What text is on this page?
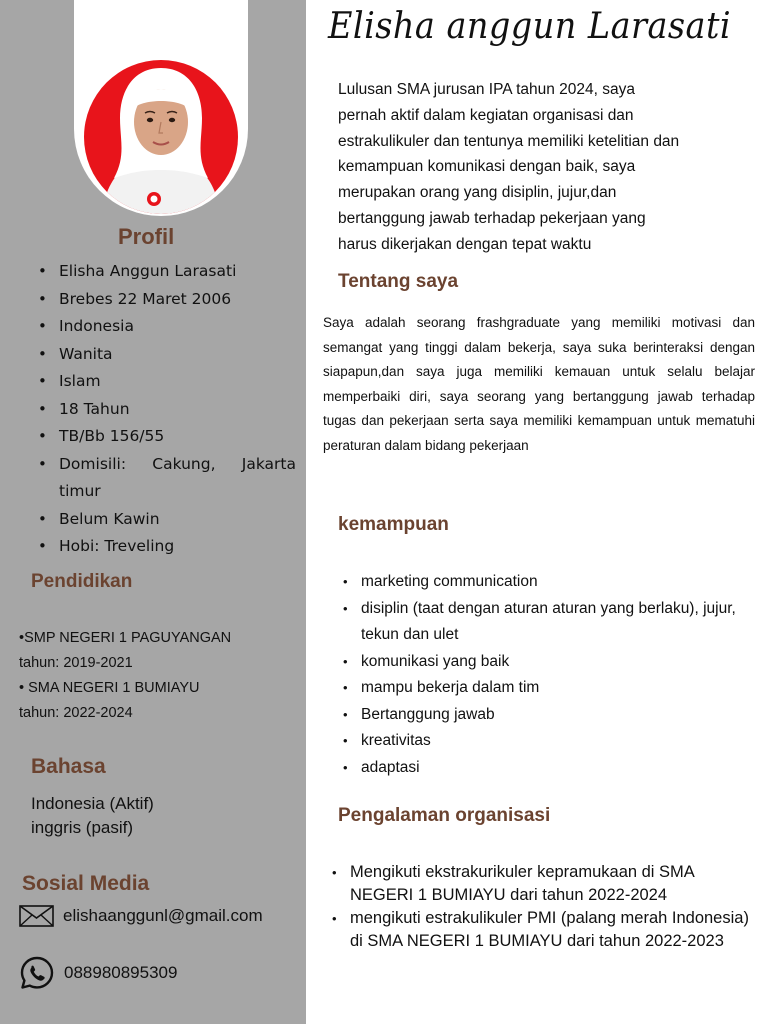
Profil
• Elisha Anggun Larasati
• Brebes 22 Maret 2006
• Indonesia
• Wanita
• Islam
• 18 Tahun
• TB/Bb 156/55
• Domisili: Cakung, Jakarta timur
• Belum Kawin
• Hobi: Treveling
Pendidikan
•SMP NEGERI 1 PAGUYANGAN
tahun: 2019-2021
• SMA NEGERI 1 BUMIAYU
tahun: 2022-2024
Bahasa
Indonesia (Aktif)
inggris (pasif)
Sosial Media
elishaanggunl@gmail.com
088980895309
Elisha anggun Larasati
Lulusan SMA jurusan IPA tahun 2024, saya
pernah aktif dalam kegiatan organisasi dan
estrakulikuler dan tentunya memiliki ketelitian dan
kemampuan komunikasi dengan baik, saya
merupakan orang yang disiplin, jujur,dan
bertanggung jawab terhadap pekerjaan yang
harus dikerjakan dengan tepat waktu
Tentang saya

Saya adalah seorang frashgraduate yang memiliki motivasi dan semangat yang tinggi dalam bekerja, saya suka berinteraksi dengan siapapun,dan saya juga memiliki kemauan untuk selalu belajar memperbaiki diri, saya seorang yang bertanggung jawab terhadap tugas dan pekerjaan serta saya memiliki kemampuan untuk mematuhi peraturan dalam bidang pekerjaan

kemampuan
• marketing communication
• disiplin (taat dengan aturan aturan yang berlaku), jujur, tekun dan ulet
• komunikasi yang baik
• mampu bekerja dalam tim
• Bertanggung jawab
• kreativitas
• adaptasi
Pengalaman organisasi
• Mengikuti ekstrakurikuler kepramukaan di SMA NEGERI 1 BUMIAYU dari tahun 2022-2024
• mengikuti estrakulikuler PMI (palang merah Indonesia) di SMA NEGERI 1 BUMIAYU dari tahun 2022-2023
